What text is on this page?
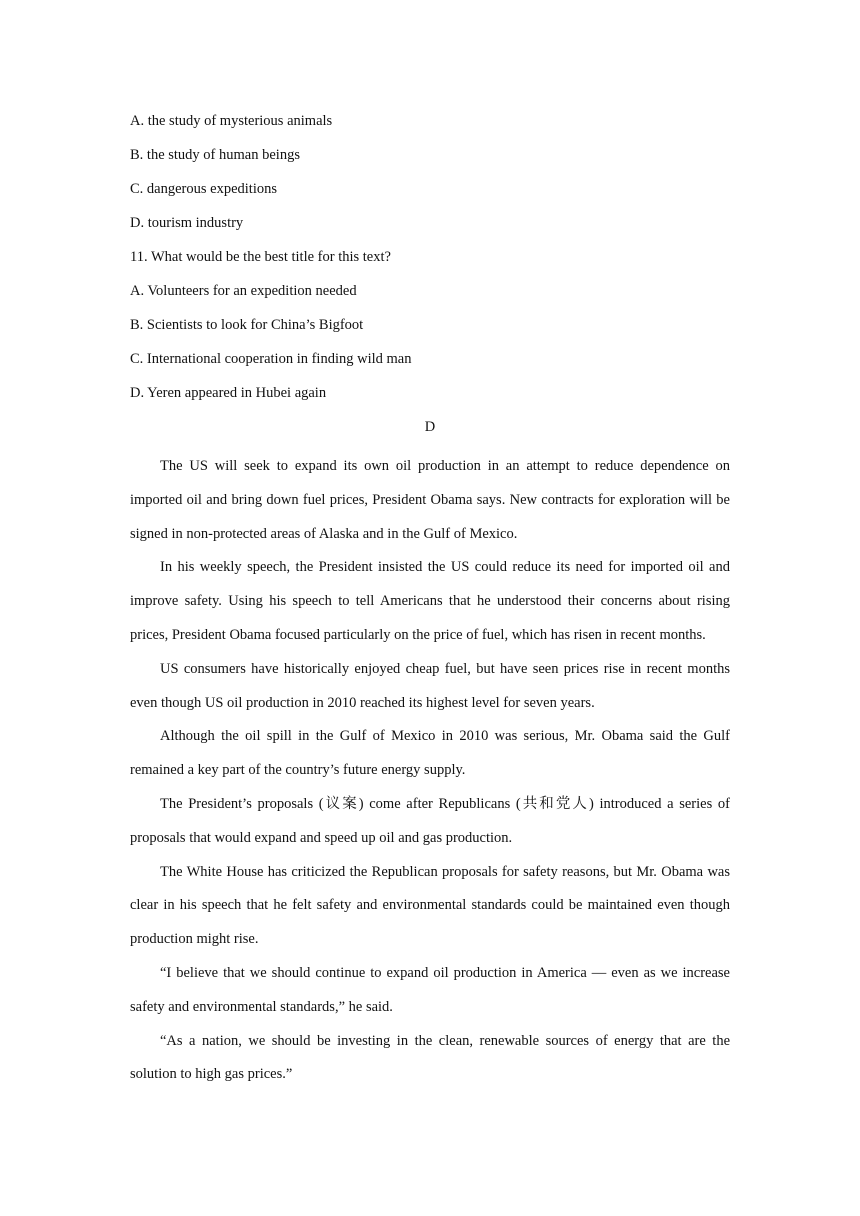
A. the study of mysterious animals
B. the study of human beings
C. dangerous expeditions
D. tourism industry
11. What would be the best title for this text?
A. Volunteers for an expedition needed
B. Scientists to look for China’s Bigfoot
C. International cooperation in finding wild man
D. Yeren appeared in Hubei again
D

The US will seek to expand its own oil production in an attempt to reduce dependence on imported oil and bring down fuel prices, President Obama says. New contracts for exploration will be signed in non-protected areas of Alaska and in the Gulf of Mexico.

In his weekly speech, the President insisted the US could reduce its need for imported oil and improve safety. Using his speech to tell Americans that he understood their concerns about rising prices, President Obama focused particularly on the price of fuel, which has risen in recent months.

US consumers have historically enjoyed cheap fuel, but have seen prices rise in recent months even though US oil production in 2010 reached its highest level for seven years.

Although the oil spill in the Gulf of Mexico in 2010 was serious, Mr. Obama said the Gulf remained a key part of the country’s future energy supply.

The President’s proposals (议案) come after Republicans (共和党人) introduced a series of proposals that would expand and speed up oil and gas production.

The White House has criticized the Republican proposals for safety reasons, but Mr. Obama was clear in his speech that he felt safety and environmental standards could be maintained even though production might rise.

“I believe that we should continue to expand oil production in America — even as we increase safety and environmental standards,” he said.

“As a nation, we should be investing in the clean, renewable sources of energy that are the solution to high gas prices.”
